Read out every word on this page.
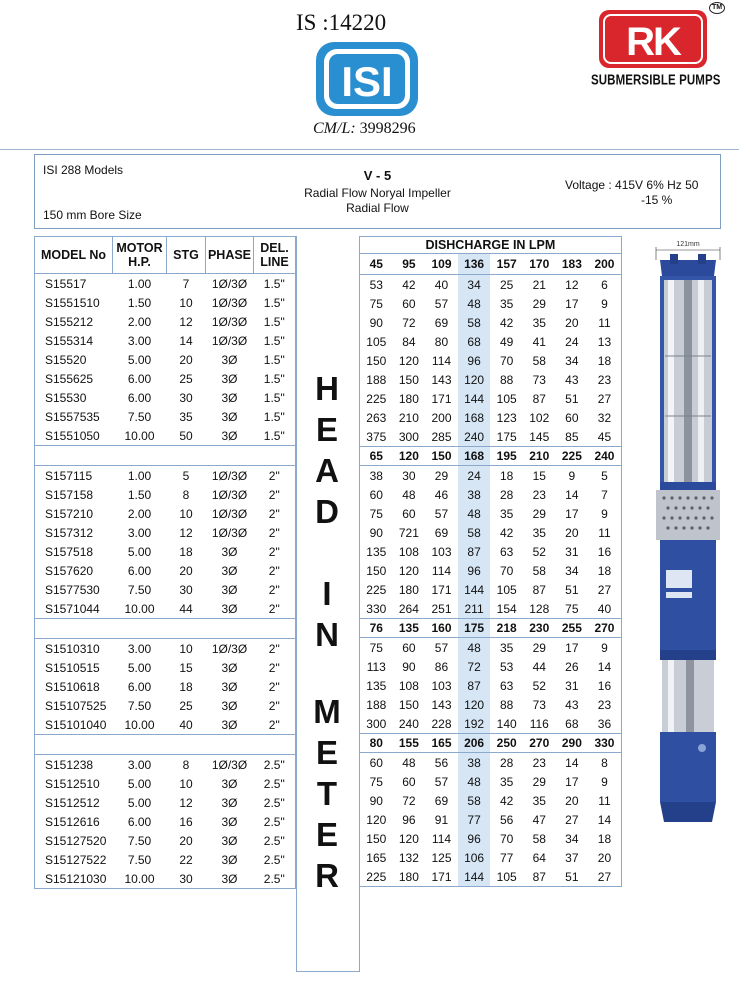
IS :14220
ISI
CM/L: 3998296
RK
TM
SUBMERSIBLE PUMPS
ISI 288 Models
150 mm Bore Size
V - 5
Radial Flow Noryal Impeller
Radial Flow
Voltage : 415V 6% Hz 50
-15 %
MODEL No	MOTOR H.P.	STG	PHASE	DEL. LINE
S15517	1.00	7	1Ø/3Ø	1.5"
S1551510	1.50	10	1Ø/3Ø	1.5"
S155212	2.00	12	1Ø/3Ø	1.5"
S155314	3.00	14	1Ø/3Ø	1.5"
S15520	5.00	20	3Ø	1.5"
S155625	6.00	25	3Ø	1.5"
S15530	6.00	30	3Ø	1.5"
S1557535	7.50	35	3Ø	1.5"
S1551050	10.00	50	3Ø	1.5"

S157115	1.00	5	1Ø/3Ø	2"
S157158	1.50	8	1Ø/3Ø	2"
S157210	2.00	10	1Ø/3Ø	2"
S157312	3.00	12	1Ø/3Ø	2"
S157518	5.00	18	3Ø	2"
S157620	6.00	20	3Ø	2"
S1577530	7.50	30	3Ø	2"
S1571044	10.00	44	3Ø	2"

S1510310	3.00	10	1Ø/3Ø	2"
S1510515	5.00	15	3Ø	2"
S1510618	6.00	18	3Ø	2"
S15107525	7.50	25	3Ø	2"
S15101040	10.00	40	3Ø	2"

S151238	3.00	8	1Ø/3Ø	2.5"
S1512510	5.00	10	3Ø	2.5"
S1512512	5.00	12	3Ø	2.5"
S1512616	6.00	16	3Ø	2.5"
S15127520	7.50	20	3Ø	2.5"
S15127522	7.50	22	3Ø	2.5"
S15121030	10.00	30	3Ø	2.5"
H
E
A
D
I
N
M
E
T
E
R
DISHCHARGE IN LPM							
45	95	109	136	157	170	183	200
53	42	40	34	25	21	12	6
75	60	57	48	35	29	17	9
90	72	69	58	42	35	20	11
105	84	80	68	49	41	24	13
150	120	114	96	70	58	34	18
188	150	143	120	88	73	43	23
225	180	171	144	105	87	51	27
263	210	200	168	123	102	60	32
375	300	285	240	175	145	85	45
65	120	150	168	195	210	225	240
38	30	29	24	18	15	9	5
60	48	46	38	28	23	14	7
75	60	57	48	35	29	17	9
90	721	69	58	42	35	20	11
135	108	103	87	63	52	31	16
150	120	114	96	70	58	34	18
225	180	171	144	105	87	51	27
330	264	251	211	154	128	75	40
76	135	160	175	218	230	255	270
75	60	57	48	35	29	17	9
113	90	86	72	53	44	26	14
135	108	103	87	63	52	31	16
188	150	143	120	88	73	43	23
300	240	228	192	140	116	68	36
80	155	165	206	250	270	290	330
60	48	56	38	28	23	14	8
75	60	57	48	35	29	17	9
90	72	69	58	42	35	20	11
120	96	91	77	56	47	27	14
150	120	114	96	70	58	34	18
165	132	125	106	77	64	37	20
225	180	171	144	105	87	51	27
121mm
